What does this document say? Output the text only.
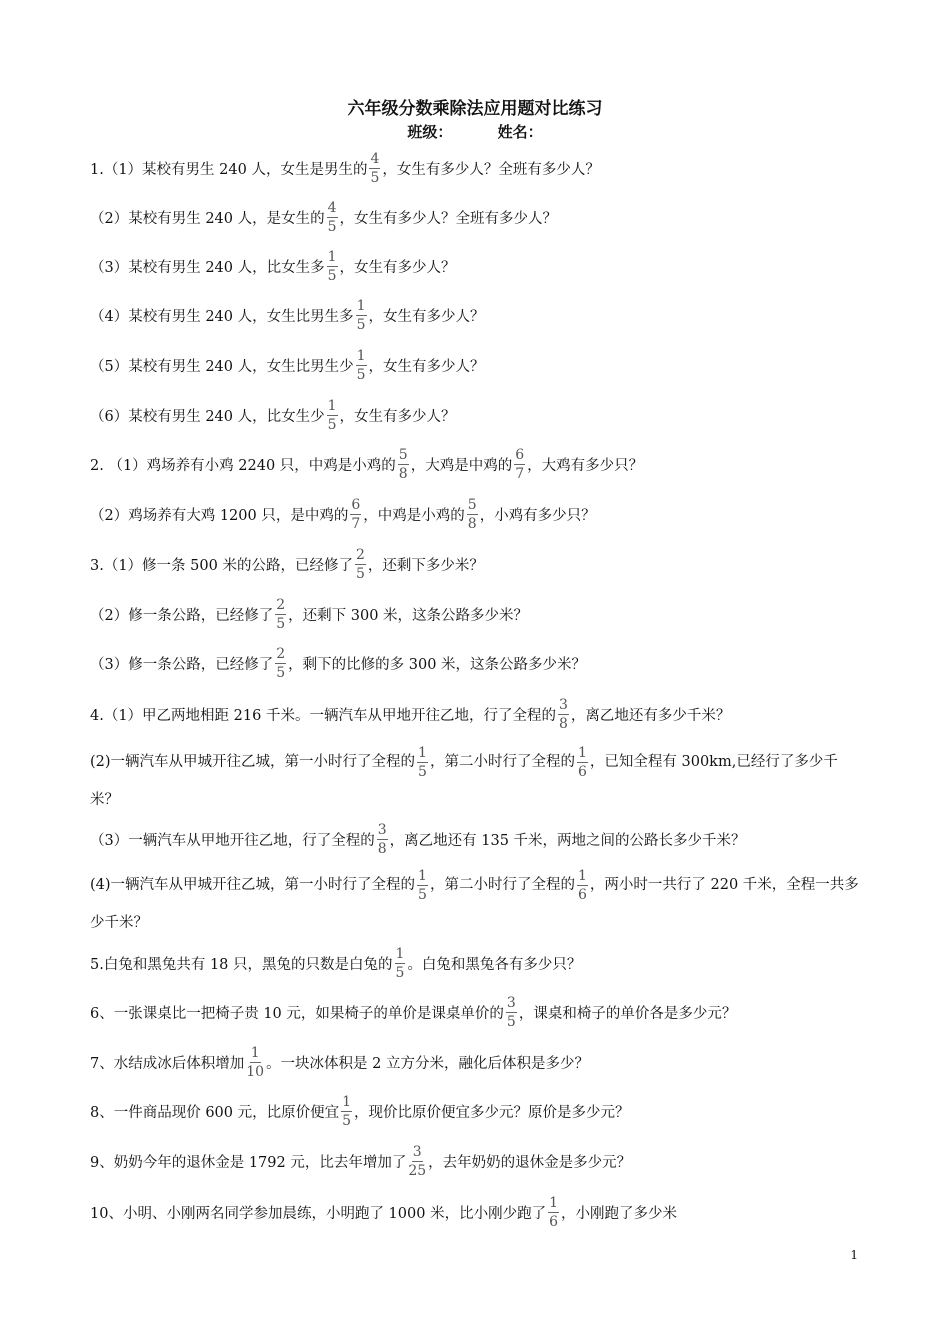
六年级分数乘除法应用题对比练习
班级：	姓名：
1.（1）某校有男生 240 人，女生是男生的 $\frac{4}{5}$ ，女生有多少人？全班有多少人？
（2）某校有男生 240 人，是女生的 $\frac{4}{5}$ ，女生有多少人？全班有多少人？
（3）某校有男生 240 人，比女生多 $\frac{1}{5}$ ，女生有多少人？
（4）某校有男生 240 人，女生比男生多 $\frac{1}{5}$ ，女生有多少人？
（5）某校有男生 240 人，女生比男生少 $\frac{1}{5}$ ，女生有多少人？
（6）某校有男生 240 人，比女生少 $\frac{1}{5}$ ，女生有多少人？
2. （1）鸡场养有小鸡 2240 只，中鸡是小鸡的 $\frac{5}{8}$ ，大鸡是中鸡的 $\frac{6}{7}$ ，大鸡有多少只？
（2）鸡场养有大鸡 1200 只，是中鸡的 $\frac{6}{7}$ ，中鸡是小鸡的 $\frac{5}{8}$ ，小鸡有多少只？
3.（1）修一条 500 米的公路，已经修了 $\frac{2}{5}$ ，还剩下多少米？
（2）修一条公路，已经修了 $\frac{2}{5}$ ，还剩下 300 米，这条公路多少米？
（3）修一条公路，已经修了 $\frac{2}{5}$ ，剩下的比修的多 300 米，这条公路多少米？
4.（1）甲乙两地相距 216 千米。一辆汽车从甲地开往乙地，行了全程的 $\frac{3}{8}$ ，离乙地还有多少千米？
(2)一辆汽车从甲城开往乙城，第一小时行了全程的 $\frac{1}{5}$ ，第二小时行了全程的 $\frac{1}{6}$ ，已知全程有 300km,已经行了多少千米？
（3）一辆汽车从甲地开往乙地，行了全程的 $\frac{3}{8}$ ，离乙地还有 135 千米，两地之间的公路长多少千米？
(4)一辆汽车从甲城开往乙城，第一小时行了全程的 $\frac{1}{5}$ ，第二小时行了全程的 $\frac{1}{6}$ ，两小时一共行了 220 千米，全程一共多少千米？
5.白兔和黑兔共有 18 只，黑兔的只数是白兔的 $\frac{1}{5}$ 。白兔和黑兔各有多少只？
6、一张课桌比一把椅子贵 10 元，如果椅子的单价是课桌单价的 $\frac{3}{5}$ ，课桌和椅子的单价各是多少元？
7、水结成冰后体积增加 $\frac{1}{10}$ 。一块冰体积是 2 立方分米，融化后体积是多少？
8、一件商品现价 600 元，比原价便宜 $\frac{1}{5}$ ，现价比原价便宜多少元？原价是多少元？
9、奶奶今年的退休金是 1792 元，比去年增加了 $\frac{3}{25}$ ，去年奶奶的退休金是多少元？
10、小明、小刚两名同学参加晨练，小明跑了 1000 米，比小刚少跑了 $\frac{1}{6}$ ，小刚跑了多少米
1
